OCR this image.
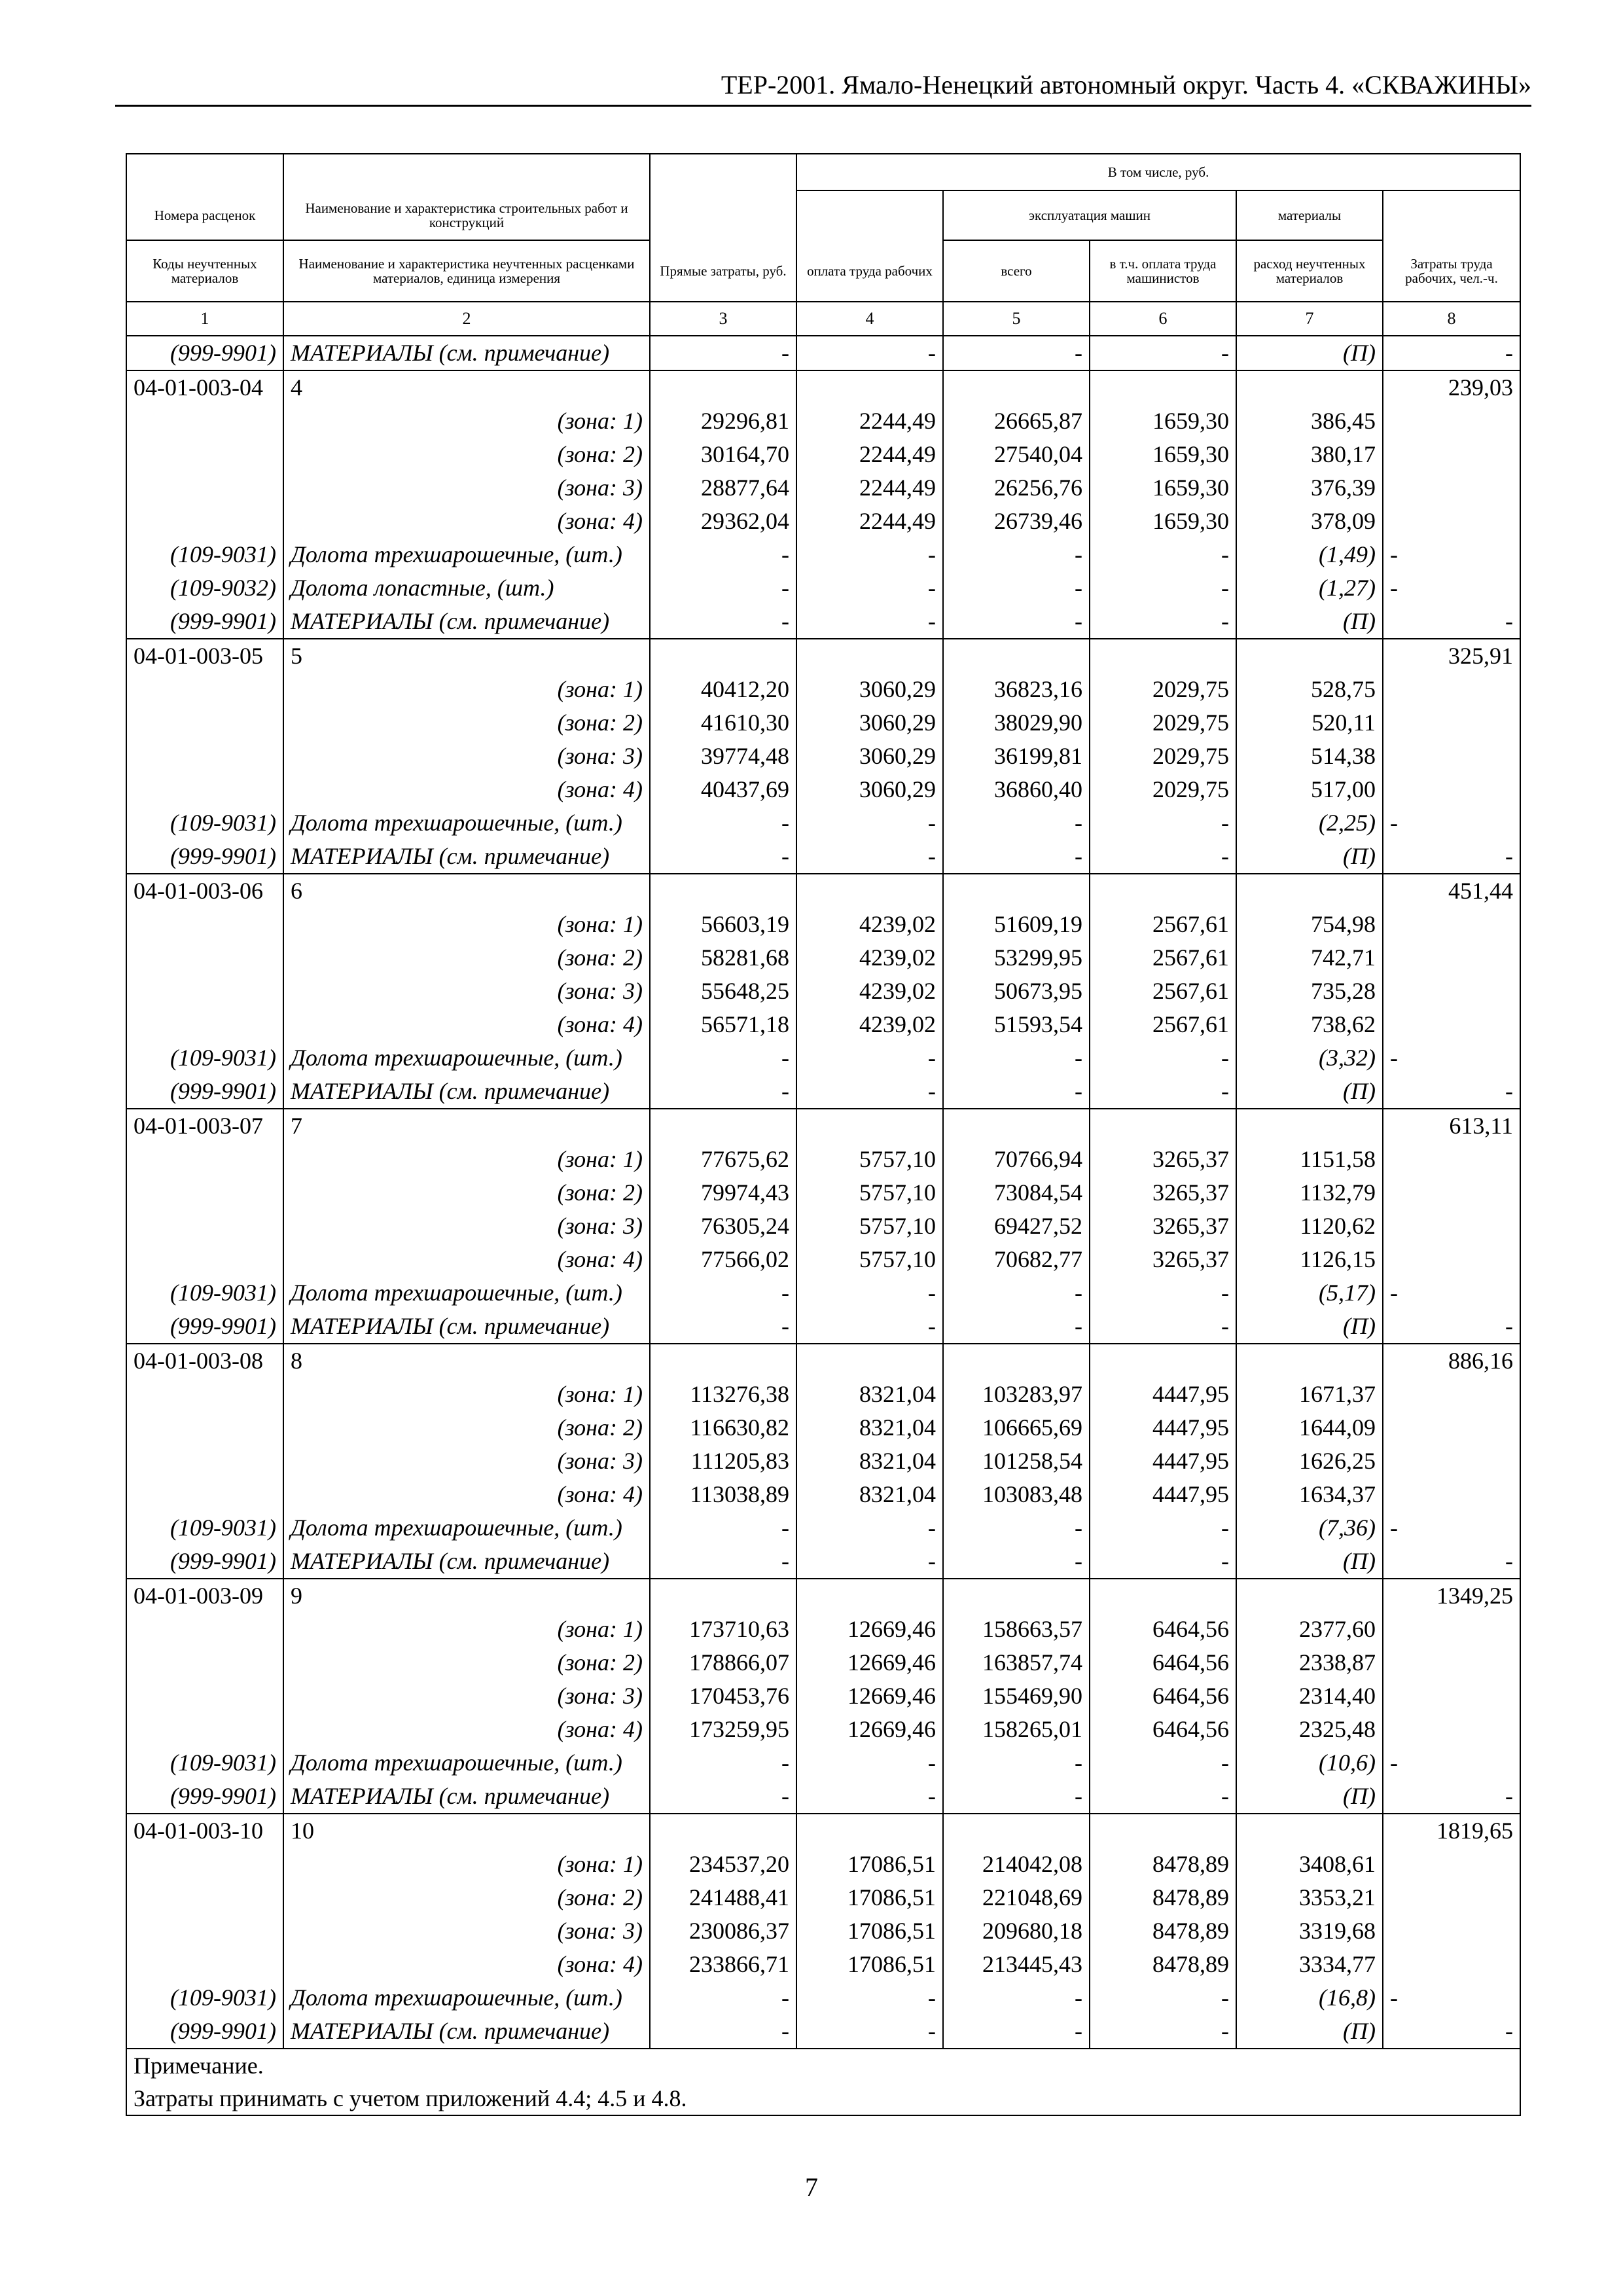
ТЕР-2001. Ямало-Ненецкий автономный округ. Часть 4. «СКВАЖИНЫ»
			В том числе, руб.				
Номера расценок	Наименование и характеристика строительных работ и конструкций			эксплуатация машин		материалы	
Коды неучтенных материалов	Наименование и характеристика неучтенных расценками материалов, единица измерения	Прямые затраты, руб.	оплата труда рабочих	всего	в т.ч. оплата труда машинистов	расход неучтенных материалов	Затраты труда рабочих, чел.-ч.
1	2	3	4	5	6	7	8
(999-9901)	МАТЕРИАЛЫ (см. примечание)	-	-	-	-	(П)	-
04-01-003-04	4						239,03
	(зона: 1)	29296,81	2244,49	26665,87	1659,30	386,45	
	(зона: 2)	30164,70	2244,49	27540,04	1659,30	380,17	
	(зона: 3)	28877,64	2244,49	26256,76	1659,30	376,39	
	(зона: 4)	29362,04	2244,49	26739,46	1659,30	378,09	
(109-9031)	Долота трехшарошечные, (шт.)	-	-	-	-	(1,49)	-
(109-9032)	Долота лопастные, (шт.)	-	-	-	-	(1,27)	-
(999-9901)	МАТЕРИАЛЫ (см. примечание)	-	-	-	-	(П)	-
04-01-003-05	5						325,91
	(зона: 1)	40412,20	3060,29	36823,16	2029,75	528,75	
	(зона: 2)	41610,30	3060,29	38029,90	2029,75	520,11	
	(зона: 3)	39774,48	3060,29	36199,81	2029,75	514,38	
	(зона: 4)	40437,69	3060,29	36860,40	2029,75	517,00	
(109-9031)	Долота трехшарошечные, (шт.)	-	-	-	-	(2,25)	-
(999-9901)	МАТЕРИАЛЫ (см. примечание)	-	-	-	-	(П)	-
04-01-003-06	6						451,44
	(зона: 1)	56603,19	4239,02	51609,19	2567,61	754,98	
	(зона: 2)	58281,68	4239,02	53299,95	2567,61	742,71	
	(зона: 3)	55648,25	4239,02	50673,95	2567,61	735,28	
	(зона: 4)	56571,18	4239,02	51593,54	2567,61	738,62	
(109-9031)	Долота трехшарошечные, (шт.)	-	-	-	-	(3,32)	-
(999-9901)	МАТЕРИАЛЫ (см. примечание)	-	-	-	-	(П)	-
04-01-003-07	7						613,11
	(зона: 1)	77675,62	5757,10	70766,94	3265,37	1151,58	
	(зона: 2)	79974,43	5757,10	73084,54	3265,37	1132,79	
	(зона: 3)	76305,24	5757,10	69427,52	3265,37	1120,62	
	(зона: 4)	77566,02	5757,10	70682,77	3265,37	1126,15	
(109-9031)	Долота трехшарошечные, (шт.)	-	-	-	-	(5,17)	-
(999-9901)	МАТЕРИАЛЫ (см. примечание)	-	-	-	-	(П)	-
04-01-003-08	8						886,16
	(зона: 1)	113276,38	8321,04	103283,97	4447,95	1671,37	
	(зона: 2)	116630,82	8321,04	106665,69	4447,95	1644,09	
	(зона: 3)	111205,83	8321,04	101258,54	4447,95	1626,25	
	(зона: 4)	113038,89	8321,04	103083,48	4447,95	1634,37	
(109-9031)	Долота трехшарошечные, (шт.)	-	-	-	-	(7,36)	-
(999-9901)	МАТЕРИАЛЫ (см. примечание)	-	-	-	-	(П)	-
04-01-003-09	9						1349,25
	(зона: 1)	173710,63	12669,46	158663,57	6464,56	2377,60	
	(зона: 2)	178866,07	12669,46	163857,74	6464,56	2338,87	
	(зона: 3)	170453,76	12669,46	155469,90	6464,56	2314,40	
	(зона: 4)	173259,95	12669,46	158265,01	6464,56	2325,48	
(109-9031)	Долота трехшарошечные, (шт.)	-	-	-	-	(10,6)	-
(999-9901)	МАТЕРИАЛЫ (см. примечание)	-	-	-	-	(П)	-
04-01-003-10	10						1819,65
	(зона: 1)	234537,20	17086,51	214042,08	8478,89	3408,61	
	(зона: 2)	241488,41	17086,51	221048,69	8478,89	3353,21	
	(зона: 3)	230086,37	17086,51	209680,18	8478,89	3319,68	
	(зона: 4)	233866,71	17086,51	213445,43	8478,89	3334,77	
(109-9031)	Долота трехшарошечные, (шт.)	-	-	-	-	(16,8)	-
(999-9901)	МАТЕРИАЛЫ (см. примечание)	-	-	-	-	(П)	-

Примечание.
Затраты принимать с учетом приложений 4.4; 4.5 и 4.8.							
7
